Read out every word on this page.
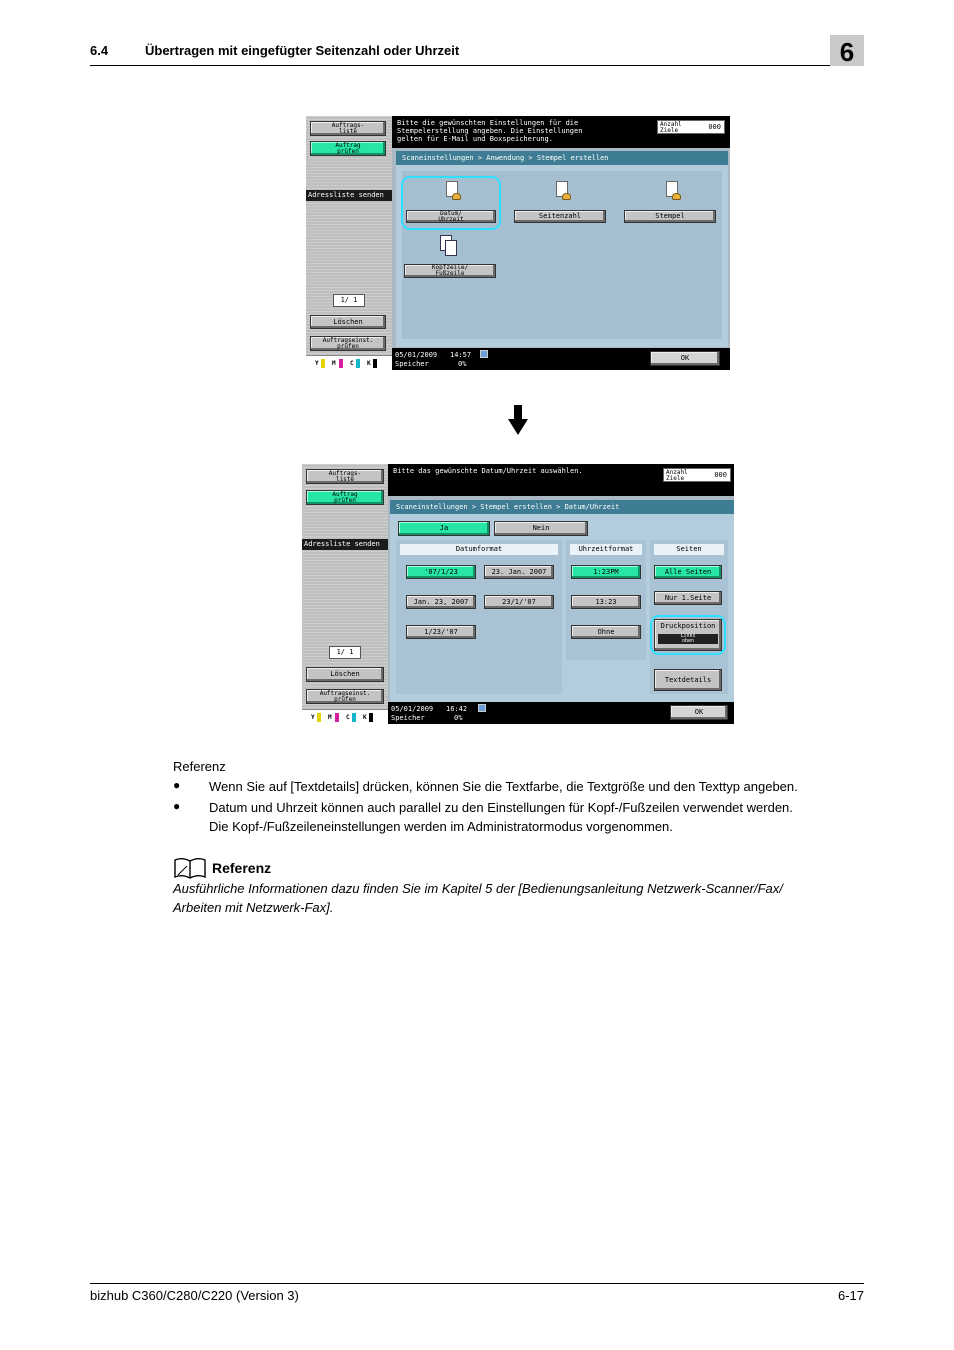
6.4	Übertragen mit eingefügter Seitenzahl oder Uhrzeit	6
Auftrags-
liste
Auftrag
prüfen
Adressliste senden
1/ 1
Löschen
Auftragseinst.
prüfen
Y M C K
Bitte die gewünschten Einstellungen für die
Stempelerstellung angeben. Die Einstellungen
gelten für E-Mail und Boxspeicherung.
Anzahl
Ziele	000
Scaneinstellungen > Anwendung > Stempel erstellen
Datum/
Uhrzeit	Seitenzahl	Stempel
Kopfzeile/
Fußzeile
05/01/2009 14:57
Speicher	0%
OK
Auftrags-
liste
Auftrag
prüfen
Adressliste senden
1/ 1
Löschen
Auftragseinst.
prüfen
Y M C K
Bitte das gewünschte Datum/Uhrzeit auswählen.	Anzahl
Ziele	000
Scaneinstellungen > Stempel erstellen > Datum/Uhrzeit
Ja	Nein
Datumformat
'07/1/23	23. Jan. 2007
Jan. 23, 2007	23/1/'07
1/23/'07
Uhrzeitformat
1:23PM
13:23
Ohne
Seiten
Alle Seiten
Nur 1.Seite
Druckposition
Links
oben
Textdetails
05/01/2009 16:42
Speicher	0%
OK
Referenz
● Wenn Sie auf [Textdetails] drücken, können Sie die Textfarbe, die Textgröße und den Texttyp angeben.
● Datum und Uhrzeit können auch parallel zu den Einstellungen für Kopf-/Fußzeilen verwendet werden.
Die Kopf-/Fußzeileneinstellungen werden im Administratormodus vorgenommen.
Referenz
Ausführliche Informationen dazu finden Sie im Kapitel 5 der [Bedienungsanleitung Netzwerk-Scanner/Fax/
Arbeiten mit Netzwerk-Fax].
bizhub C360/C280/C220 (Version 3)	6-17
